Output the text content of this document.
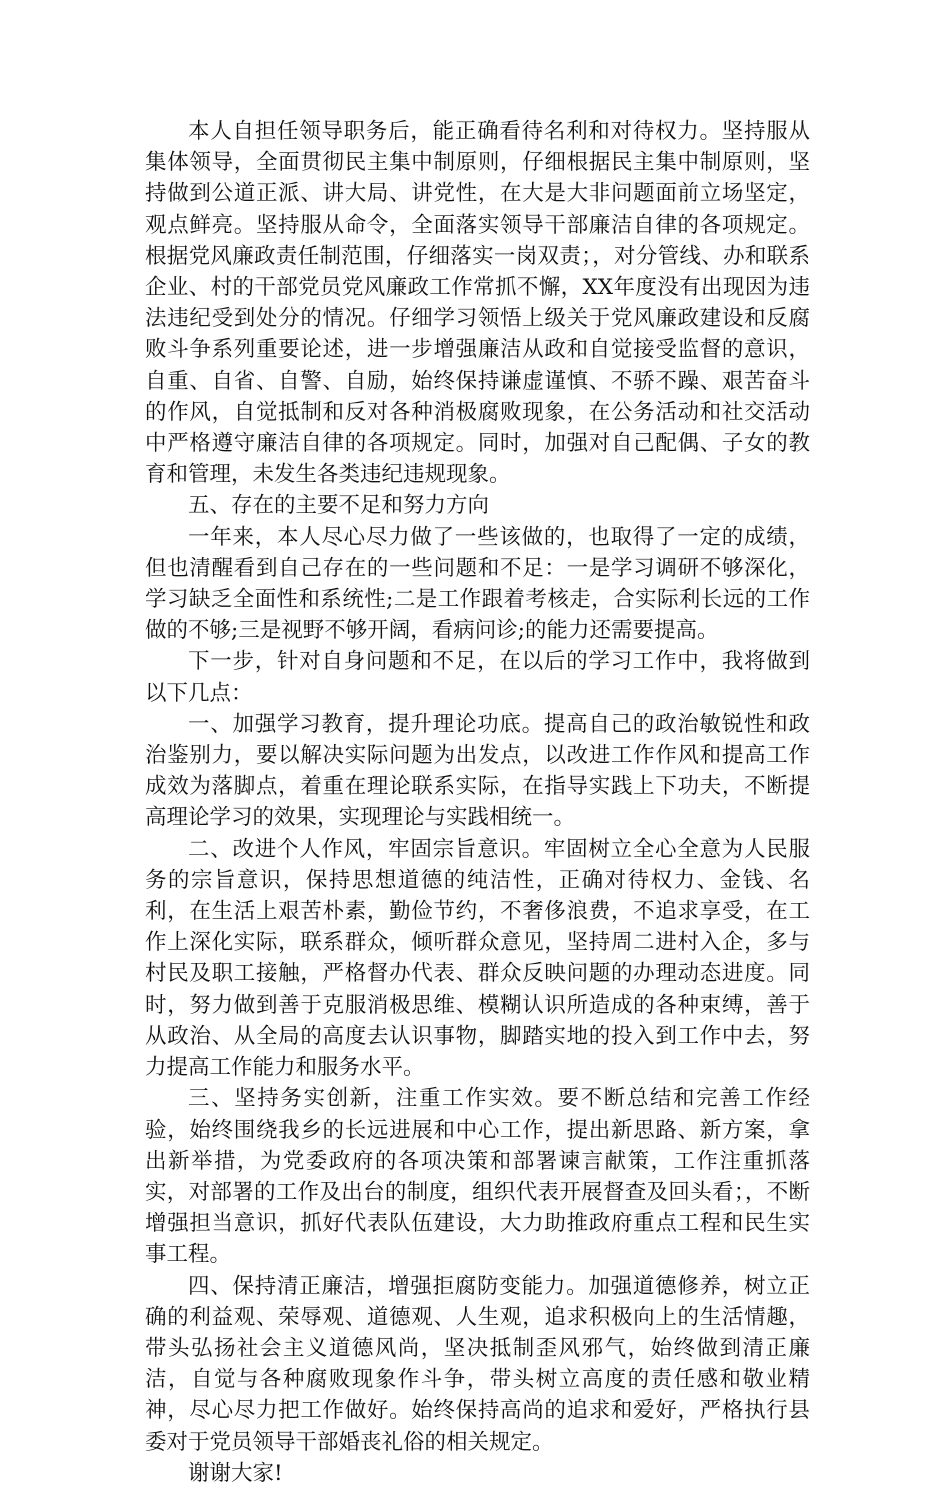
本人自担任领导职务后，能正确看待名利和对待权力。坚持服从集体领导，全面贯彻民主集中制原则，仔细根据民主集中制原则，坚持做到公道正派、讲大局、讲党性，在大是大非问题面前立场坚定，观点鲜亮。坚持服从命令，全面落实领导干部廉洁自律的各项规定。根据党风廉政责任制范围，仔细落实一岗双责；，对分管线、办和联系企业、村的干部党员党风廉政工作常抓不懈，XX年度没有出现因为违法违纪受到处分的情况。仔细学习领悟上级关于党风廉政建设和反腐败斗争系列重要论述，进一步增强廉洁从政和自觉接受监督的意识，自重、自省、自警、自励，始终保持谦虚谨慎、不骄不躁、艰苦奋斗的作风，自觉抵制和反对各种消极腐败现象，在公务活动和社交活动中严格遵守廉洁自律的各项规定。同时，加强对自己配偶、子女的教育和管理，未发生各类违纪违规现象。

五、存在的主要不足和努力方向

一年来，本人尽心尽力做了一些该做的，也取得了一定的成绩，但也清醒看到自己存在的一些问题和不足：一是学习调研不够深化，学习缺乏全面性和系统性;二是工作跟着考核走，合实际利长远的工作做的不够;三是视野不够开阔，看病问诊;的能力还需要提高。

下一步，针对自身问题和不足，在以后的学习工作中，我将做到以下几点：

一、加强学习教育，提升理论功底。提高自己的政治敏锐性和政治鉴别力，要以解决实际问题为出发点，以改进工作作风和提高工作成效为落脚点，着重在理论联系实际，在指导实践上下功夫，不断提高理论学习的效果，实现理论与实践相统一。

二、改进个人作风，牢固宗旨意识。牢固树立全心全意为人民服务的宗旨意识，保持思想道德的纯洁性，正确对待权力、金钱、名利，在生活上艰苦朴素，勤俭节约，不奢侈浪费，不追求享受，在工作上深化实际，联系群众，倾听群众意见，坚持周二进村入企，多与村民及职工接触，严格督办代表、群众反映问题的办理动态进度。同时，努力做到善于克服消极思维、模糊认识所造成的各种束缚，善于从政治、从全局的高度去认识事物，脚踏实地的投入到工作中去，努力提高工作能力和服务水平。

三、坚持务实创新，注重工作实效。要不断总结和完善工作经验，始终围绕我乡的长远进展和中心工作，提出新思路、新方案，拿出新举措，为党委政府的各项决策和部署谏言献策，工作注重抓落实，对部署的工作及出台的制度，组织代表开展督查及回头看；，不断增强担当意识，抓好代表队伍建设，大力助推政府重点工程和民生实事工程。

四、保持清正廉洁，增强拒腐防变能力。加强道德修养，树立正确的利益观、荣辱观、道德观、人生观，追求积极向上的生活情趣，带头弘扬社会主义道德风尚，坚决抵制歪风邪气，始终做到清正廉洁，自觉与各种腐败现象作斗争，带头树立高度的责任感和敬业精神，尽心尽力把工作做好。始终保持高尚的追求和爱好，严格执行县委对于党员领导干部婚丧礼俗的相关规定。

谢谢大家!
